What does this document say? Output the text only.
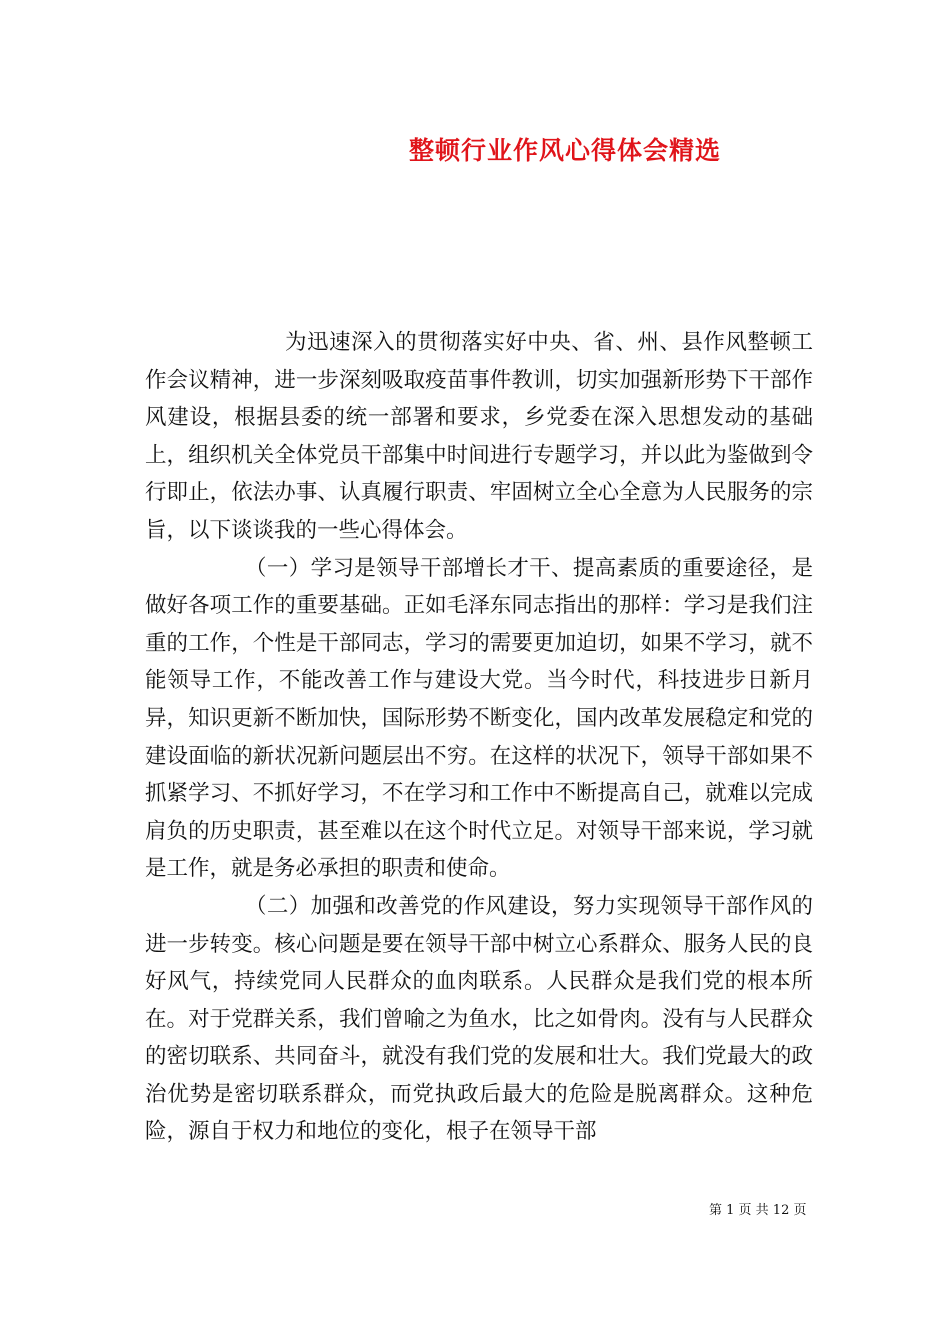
整顿行业作风心得体会精选

为迅速深入的贯彻落实好中央、省、州、县作风整顿工作会议精神，进一步深刻吸取疫苗事件教训，切实加强新形势下干部作风建设，根据县委的统一部署和要求，乡党委在深入思想发动的基础上，组织机关全体党员干部集中时间进行专题学习，并以此为鉴做到令行即止，依法办事、认真履行职责、牢固树立全心全意为人民服务的宗旨，以下谈谈我的一些心得体会。

（一）学习是领导干部增长才干、提高素质的重要途径，是做好各项工作的重要基础。正如毛泽东同志指出的那样：学习是我们注重的工作，个性是干部同志，学习的需要更加迫切，如果不学习，就不能领导工作，不能改善工作与建设大党。当今时代，科技进步日新月异，知识更新不断加快，国际形势不断变化，国内改革发展稳定和党的建设面临的新状况新问题层出不穷。在这样的状况下，领导干部如果不抓紧学习、不抓好学习，不在学习和工作中不断提高自己，就难以完成肩负的历史职责，甚至难以在这个时代立足。对领导干部来说，学习就是工作，就是务必承担的职责和使命。

（二）加强和改善党的作风建设，努力实现领导干部作风的进一步转变。核心问题是要在领导干部中树立心系群众、服务人民的良好风气，持续党同人民群众的血肉联系。人民群众是我们党的根本所在。对于党群关系，我们曾喻之为鱼水，比之如骨肉。没有与人民群众的密切联系、共同奋斗，就没有我们党的发展和壮大。我们党最大的政治优势是密切联系群众，而党执政后最大的危险是脱离群众。这种危险，源自于权力和地位的变化，根子在领导干部

第 1 页 共 12 页
